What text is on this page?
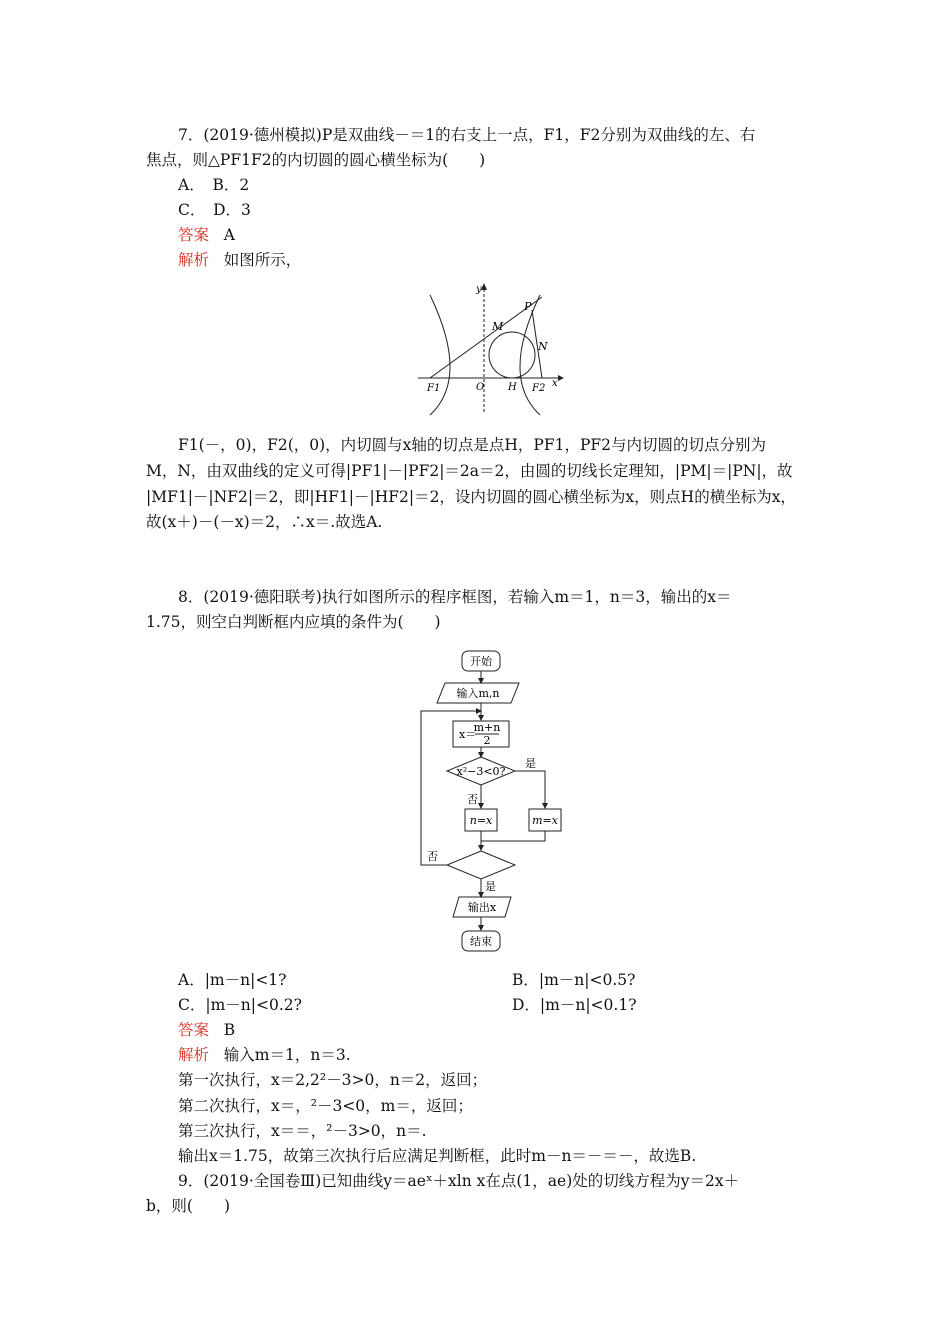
7．(2019·德州模拟)P是双曲线－＝1的右支上一点，F1，F2分别为双曲线的左、右
焦点，则△PF1F2的内切圆的圆心横坐标为(　　)
A．　B．2
C．　D．3
答案 A
解析 如图所示，
y
P
M
N
F1	O H F2 x
F1(－，0)，F2(，0)，内切圆与x轴的切点是点H，PF1，PF2与内切圆的切点分别为
M，N，由双曲线的定义可得|PF1|－|PF2|＝2a＝2，由圆的切线长定理知，|PM|＝|PN|，故
|MF1|－|NF2|＝2，即|HF1|－|HF2|＝2，设内切圆的圆心横坐标为x，则点H的横坐标为x，
故(x＋)－(－x)＝2，∴x＝.故选A.
8．(2019·德阳联考)执行如图所示的程序框图，若输入m＝1，n＝3，输出的x＝
1.75，则空白判断框内应填的条件为(　　)
开始
输入m,n
x＝
m+n
2
x²−3<0?
是
否
n=x	m=x
否
是
输出x
结束
A．|m－n|<1?	B．|m－n|<0.5?
C．|m－n|<0.2?	D．|m－n|<0.1?
答案 B
解析 输入m＝1，n＝3.
第一次执行，x＝2,2²－3>0，n＝2，返回；
第二次执行，x＝，²－3<0，m＝，返回；
第三次执行，x＝＝，²－3>0，n＝.
输出x＝1.75，故第三次执行后应满足判断框，此时m－n＝－＝－，故选B.
9．(2019·全国卷Ⅲ)已知曲线y＝aeˣ＋xln x在点(1，ae)处的切线方程为y＝2x＋
b，则(　　)
